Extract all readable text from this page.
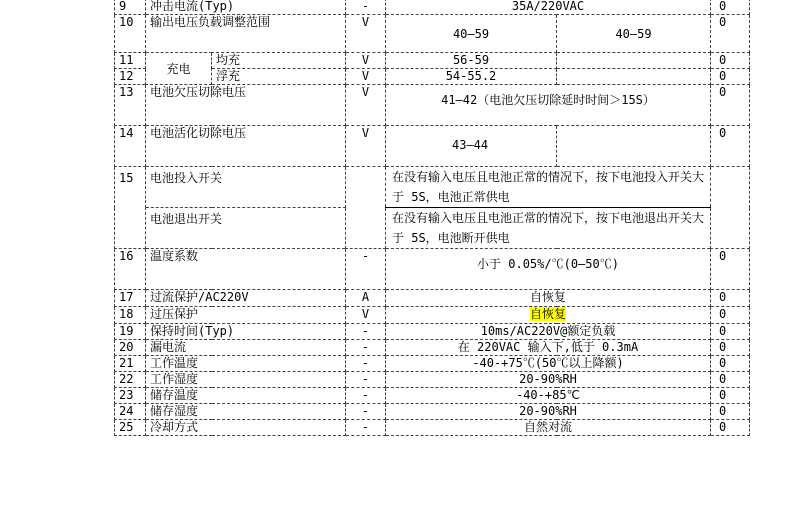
9	冲击电流(Typ)		-	35A/220VAC		0
10	输出电压负载调整范围		V	40—59	40—59	0
11	充电	均充	V	56-59		0
12		浮充	V	54-55.2		0
13	电池欠压切除电压		V	41—42（电池欠压切除延时时间＞15S）		0
14	电池活化切除电压		V	43—44		0
15	电池投入开关			在没有输入电压且电池正常的情况下，按下电池投入开关大于 5S，电池正常供电		
	电池退出开关			在没有输入电压且电池正常的情况下，按下电池退出开关大于 5S，电池断开供电		
16	温度系数		-	小于 0.05%/℃(0—50℃)		0
17	过流保护/AC220V		A	自恢复		0
18	过压保护		V	自恢复		0
19	保持时间(Typ)		-	10ms/AC220V@额定负载		0
20	漏电流		-	在 220VAC 输入下,低于 0.3mA		0
21	工作温度		-	-40-+75℃(50℃以上降额)		0
22	工作湿度		-	20-90%RH		0
23	储存温度		-	-40-+85℃		0
24	储存湿度		-	20-90%RH		0
25	冷却方式		-	自然对流		0
